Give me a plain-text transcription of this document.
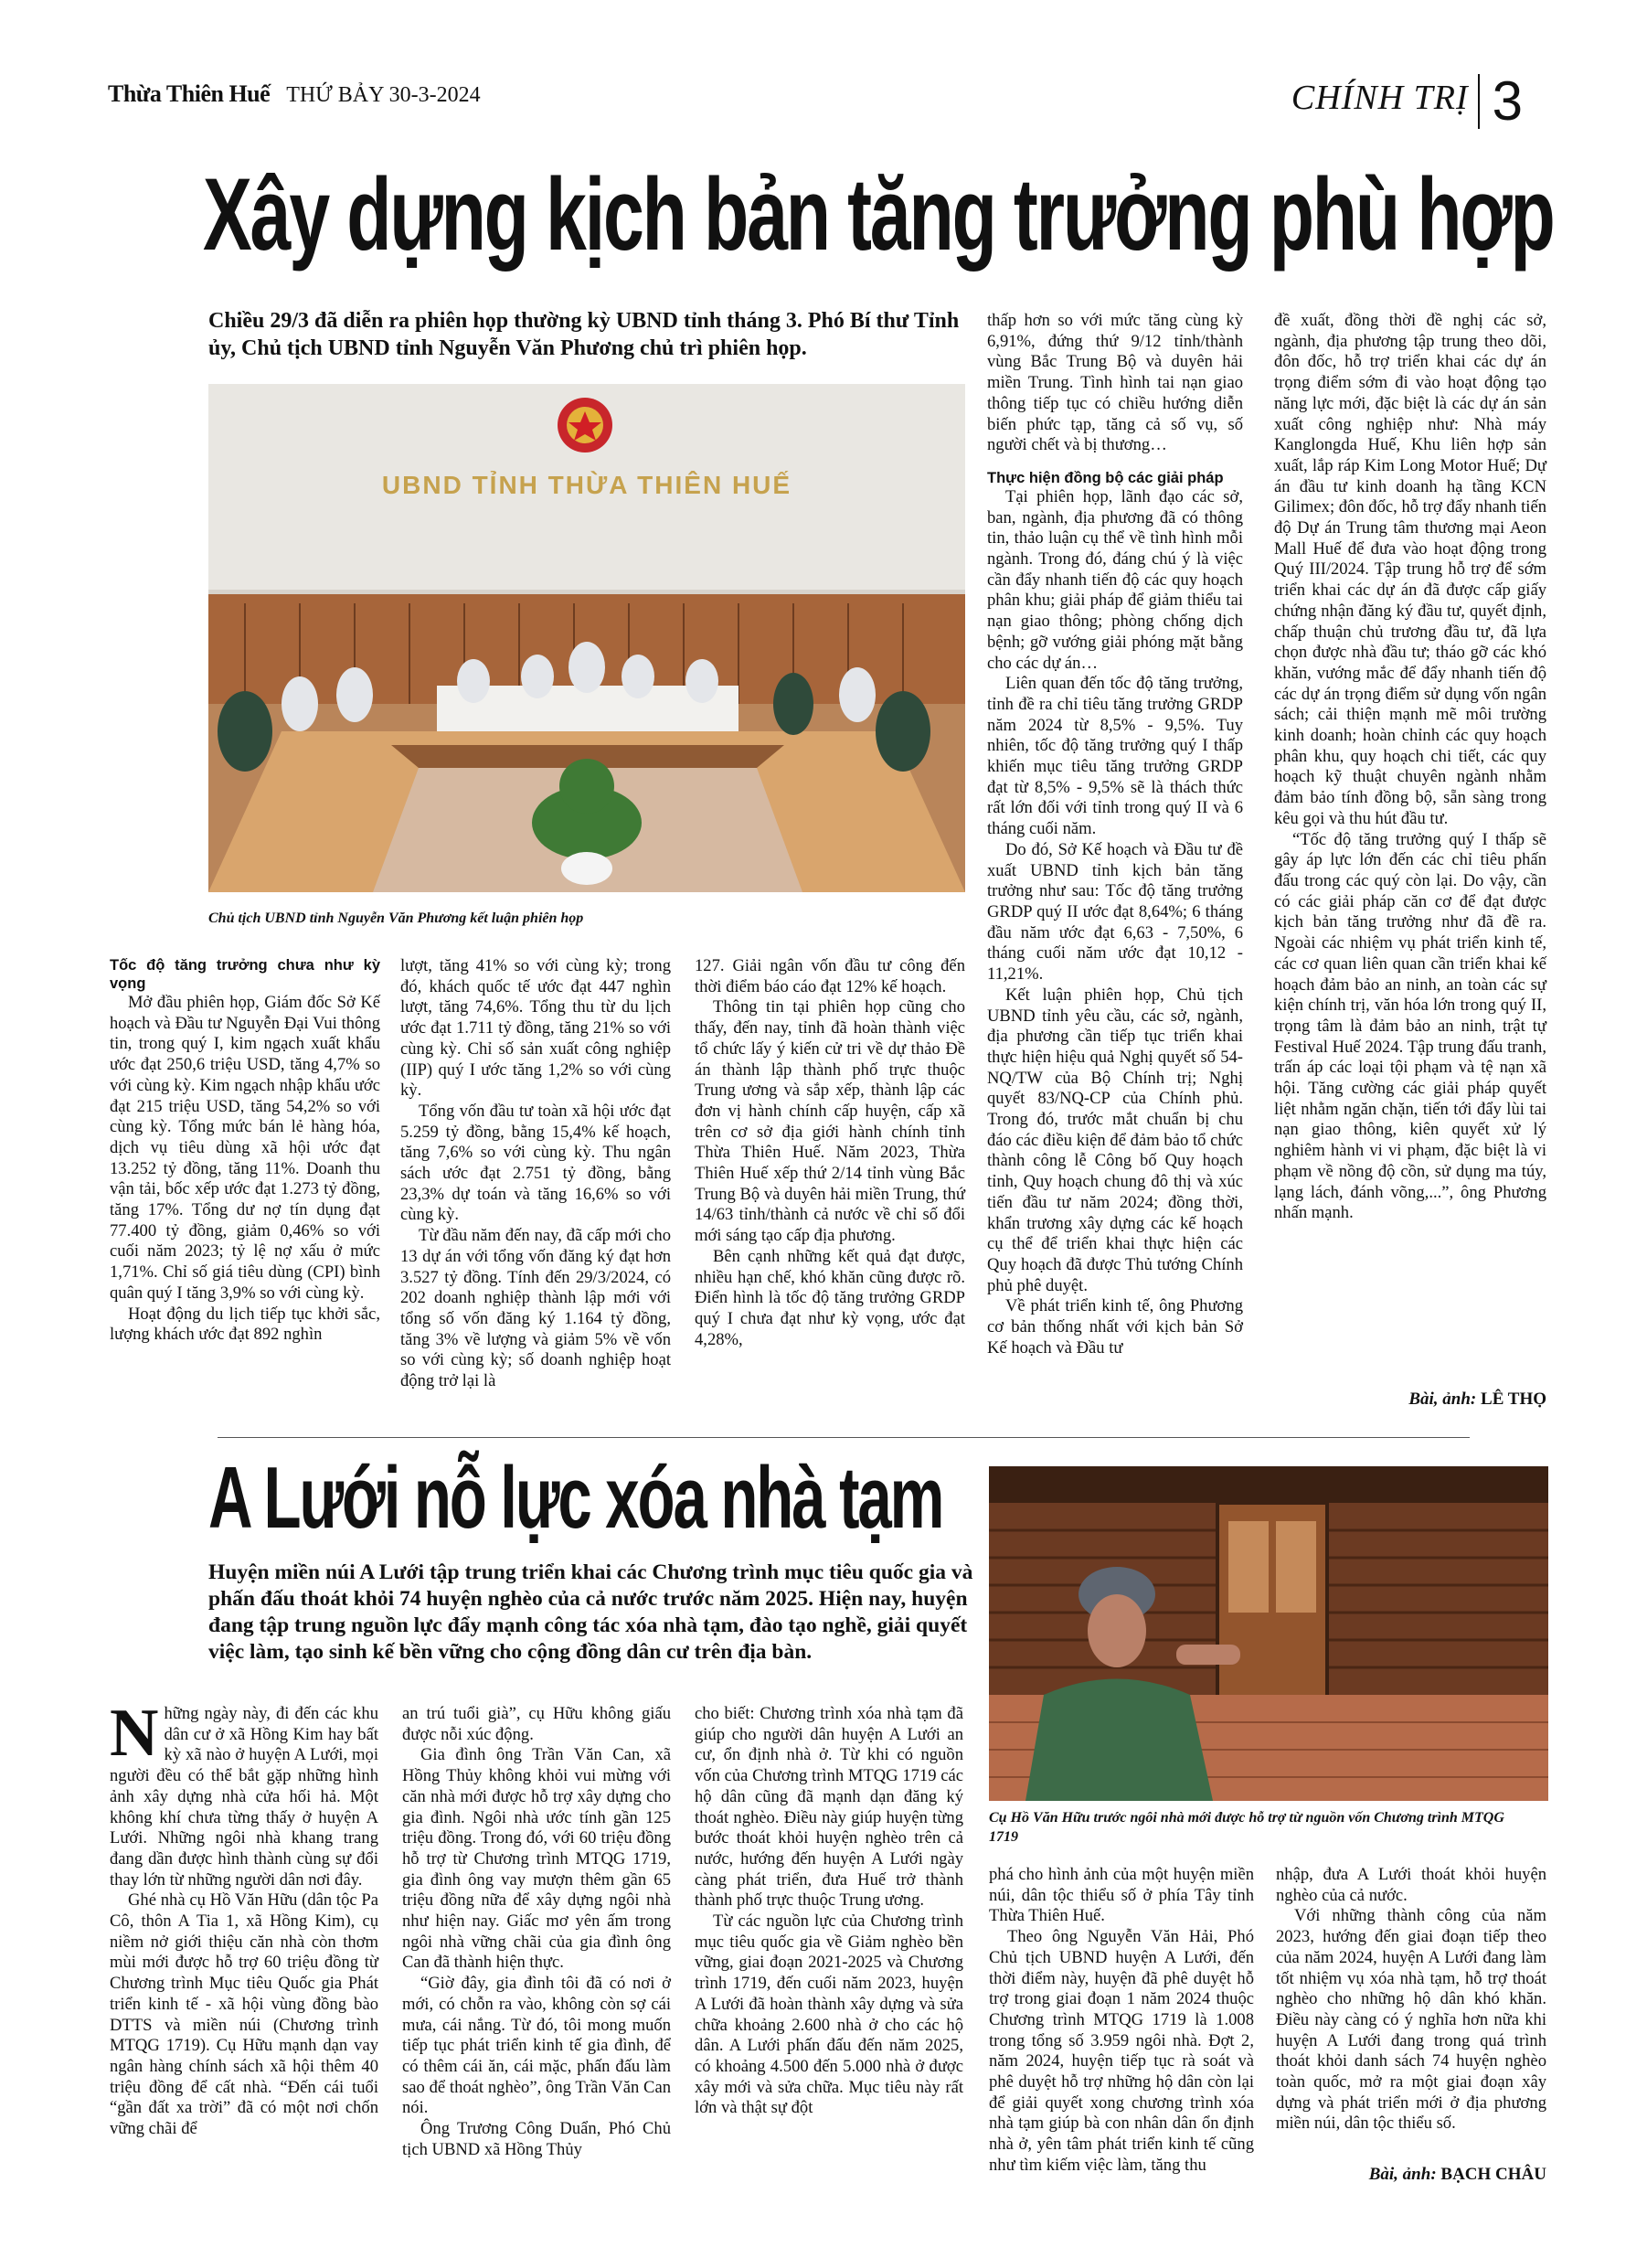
Thừa Thiên Huế THỨ BẢY 30-3-2024	CHÍNH TRỊ 3
Xây dựng kịch bản tăng trưởng phù hợp
Chiều 29/3 đã diễn ra phiên họp thường kỳ UBND tỉnh tháng 3. Phó Bí thư Tỉnh ủy, Chủ tịch UBND tỉnh Nguyễn Văn Phương chủ trì phiên họp.
UBND TỈNH THỪA THIÊN HUẾ
Chủ tịch UBND tỉnh Nguyễn Văn Phương kết luận phiên họp

Tốc độ tăng trưởng chưa như kỳ vọng

Mở đầu phiên họp, Giám đốc Sở Kế hoạch và Đầu tư Nguyễn Đại Vui thông tin, trong quý I, kim ngạch xuất khẩu ước đạt 250,6 triệu USD, tăng 4,7% so với cùng kỳ. Kim ngạch nhập khẩu ước đạt 215 triệu USD, tăng 54,2% so với cùng kỳ. Tổng mức bán lẻ hàng hóa, dịch vụ tiêu dùng xã hội ước đạt 13.252 tỷ đồng, tăng 11%. Doanh thu vận tải, bốc xếp ước đạt 1.273 tỷ đồng, tăng 17%. Tổng dư nợ tín dụng đạt 77.400 tỷ đồng, giảm 0,46% so với cuối năm 2023; tỷ lệ nợ xấu ở mức 1,71%. Chỉ số giá tiêu dùng (CPI) bình quân quý I tăng 3,9% so với cùng kỳ.

Hoạt động du lịch tiếp tục khởi sắc, lượng khách ước đạt 892 nghìn

lượt, tăng 41% so với cùng kỳ; trong đó, khách quốc tế ước đạt 447 nghìn lượt, tăng 74,6%. Tổng thu từ du lịch ước đạt 1.711 tỷ đồng, tăng 21% so với cùng kỳ. Chỉ số sản xuất công nghiệp (IIP) quý I ước tăng 1,2% so với cùng kỳ.

Tổng vốn đầu tư toàn xã hội ước đạt 5.259 tỷ đồng, bằng 15,4% kế hoạch, tăng 7,6% so với cùng kỳ. Thu ngân sách ước đạt 2.751 tỷ đồng, bằng 23,3% dự toán và tăng 16,6% so với cùng kỳ.

Từ đầu năm đến nay, đã cấp mới cho 13 dự án với tổng vốn đăng ký đạt hơn 3.527 tỷ đồng. Tính đến 29/3/2024, có 202 doanh nghiệp thành lập mới với tổng số vốn đăng ký 1.164 tỷ đồng, tăng 3% về lượng và giảm 5% về vốn so với cùng kỳ; số doanh nghiệp hoạt động trở lại là

127. Giải ngân vốn đầu tư công đến thời điểm báo cáo đạt 12% kế hoạch.

Thông tin tại phiên họp cũng cho thấy, đến nay, tỉnh đã hoàn thành việc tổ chức lấy ý kiến cử tri về dự thảo Đề án thành lập thành phố trực thuộc Trung ương và sắp xếp, thành lập các đơn vị hành chính cấp huyện, cấp xã trên cơ sở địa giới hành chính tỉnh Thừa Thiên Huế. Năm 2023, Thừa Thiên Huế xếp thứ 2/14 tỉnh vùng Bắc Trung Bộ và duyên hải miền Trung, thứ 14/63 tỉnh/thành cả nước về chỉ số đổi mới sáng tạo cấp địa phương.

Bên cạnh những kết quả đạt được, nhiều hạn chế, khó khăn cũng được rõ. Điển hình là tốc độ tăng trưởng GRDP quý I chưa đạt như kỳ vọng, ước đạt 4,28%,

thấp hơn so với mức tăng cùng kỳ 6,91%, đứng thứ 9/12 tỉnh/thành vùng Bắc Trung Bộ và duyên hải miền Trung. Tình hình tai nạn giao thông tiếp tục có chiều hướng diễn biến phức tạp, tăng cả số vụ, số người chết và bị thương…

Thực hiện đồng bộ các giải pháp

Tại phiên họp, lãnh đạo các sở, ban, ngành, địa phương đã có thông tin, thảo luận cụ thể về tình hình mỗi ngành. Trong đó, đáng chú ý là việc cần đẩy nhanh tiến độ các quy hoạch phân khu; giải pháp để giảm thiểu tai nạn giao thông; phòng chống dịch bệnh; gỡ vướng giải phóng mặt bằng cho các dự án…

Liên quan đến tốc độ tăng trưởng, tỉnh đề ra chỉ tiêu tăng trưởng GRDP năm 2024 từ 8,5% - 9,5%. Tuy nhiên, tốc độ tăng trưởng quý I thấp khiến mục tiêu tăng trưởng GRDP đạt từ 8,5% - 9,5% sẽ là thách thức rất lớn đối với tỉnh trong quý II và 6 tháng cuối năm.

Do đó, Sở Kế hoạch và Đầu tư đề xuất UBND tỉnh kịch bản tăng trưởng như sau: Tốc độ tăng trưởng GRDP quý II ước đạt 8,64%; 6 tháng đầu năm ước đạt 6,63 - 7,50%, 6 tháng cuối năm ước đạt 10,12 - 11,21%.

Kết luận phiên họp, Chủ tịch UBND tỉnh yêu cầu, các sở, ngành, địa phương cần tiếp tục triển khai thực hiện hiệu quả Nghị quyết số 54-NQ/TW của Bộ Chính trị; Nghị quyết 83/NQ-CP của Chính phủ. Trong đó, trước mắt chuẩn bị chu đáo các điều kiện để đảm bảo tổ chức thành công lễ Công bố Quy hoạch tỉnh, Quy hoạch chung đô thị và xúc tiến đầu tư năm 2024; đồng thời, khẩn trương xây dựng các kế hoạch cụ thể để triển khai thực hiện các Quy hoạch đã được Thủ tướng Chính phủ phê duyệt.

Về phát triển kinh tế, ông Phương cơ bản thống nhất với kịch bản Sở Kế hoạch và Đầu tư

đề xuất, đồng thời đề nghị các sở, ngành, địa phương tập trung theo dõi, đôn đốc, hỗ trợ triển khai các dự án trọng điểm sớm đi vào hoạt động tạo năng lực mới, đặc biệt là các dự án sản xuất công nghiệp như: Nhà máy Kanglongda Huế, Khu liên hợp sản xuất, lắp ráp Kim Long Motor Huế; Dự án đầu tư kinh doanh hạ tầng KCN Gilimex; đôn đốc, hỗ trợ đẩy nhanh tiến độ Dự án Trung tâm thương mại Aeon Mall Huế để đưa vào hoạt động trong Quý III/2024. Tập trung hỗ trợ để sớm triển khai các dự án đã được cấp giấy chứng nhận đăng ký đầu tư, quyết định, chấp thuận chủ trương đầu tư, đã lựa chọn được nhà đầu tư; tháo gỡ các khó khăn, vướng mắc để đẩy nhanh tiến độ các dự án trọng điểm sử dụng vốn ngân sách; cải thiện mạnh mẽ môi trường kinh doanh; hoàn chỉnh các quy hoạch phân khu, quy hoạch chi tiết, các quy hoạch kỹ thuật chuyên ngành nhằm đảm bảo tính đồng bộ, sẵn sàng trong kêu gọi và thu hút đầu tư.

“Tốc độ tăng trưởng quý I thấp sẽ gây áp lực lớn đến các chỉ tiêu phấn đấu trong các quý còn lại. Do vậy, cần có các giải pháp căn cơ để đạt được kịch bản tăng trưởng như đã đề ra. Ngoài các nhiệm vụ phát triển kinh tế, các cơ quan liên quan cần triển khai kế hoạch đảm bảo an ninh, an toàn các sự kiện chính trị, văn hóa lớn trong quý II, trọng tâm là đảm bảo an ninh, trật tự Festival Huế 2024. Tập trung đấu tranh, trấn áp các loại tội phạm và tệ nạn xã hội. Tăng cường các giải pháp quyết liệt nhằm ngăn chặn, tiến tới đẩy lùi tai nạn giao thông, kiên quyết xử lý nghiêm hành vi vi phạm, đặc biệt là vi phạm về nồng độ cồn, sử dụng ma túy, lạng lách, đánh võng,...”, ông Phương nhấn mạnh.

Bài, ảnh: LÊ THỌ
A Lưới nỗ lực xóa nhà tạm
Huyện miền núi A Lưới tập trung triển khai các Chương trình mục tiêu quốc gia và phấn đấu thoát khỏi 74 huyện nghèo của cả nước trước năm 2025. Hiện nay, huyện đang tập trung nguồn lực đẩy mạnh công tác xóa nhà tạm, đào tạo nghề, giải quyết việc làm, tạo sinh kế bền vững cho cộng đồng dân cư trên địa bàn.
Cụ Hồ Văn Hữu trước ngôi nhà mới được hỗ trợ từ nguồn vốn Chương trình MTQG 1719

Những ngày này, đi đến các khu dân cư ở xã Hồng Kim hay bất kỳ xã nào ở huyện A Lưới, mọi người đều có thể bắt gặp những hình ảnh xây dựng nhà cửa hối hả. Một không khí chưa từng thấy ở huyện A Lưới. Những ngôi nhà khang trang đang dần được hình thành cùng sự đổi thay lớn từ những người dân nơi đây.

Ghé nhà cụ Hồ Văn Hữu (dân tộc Pa Cô, thôn A Tia 1, xã Hồng Kim), cụ niềm nở giới thiệu căn nhà còn thơm mùi mới được hỗ trợ 60 triệu đồng từ Chương trình Mục tiêu Quốc gia Phát triển kinh tế - xã hội vùng đồng bào DTTS và miền núi (Chương trình MTQG 1719). Cụ Hữu mạnh dạn vay ngân hàng chính sách xã hội thêm 40 triệu đồng để cất nhà. “Đến cái tuổi “gần đất xa trời” đã có một nơi chốn vững chãi để

an trú tuổi già”, cụ Hữu không giấu được nỗi xúc động.

Gia đình ông Trần Văn Can, xã Hồng Thủy không khỏi vui mừng với căn nhà mới được hỗ trợ xây dựng cho gia đình. Ngôi nhà ước tính gần 125 triệu đồng. Trong đó, với 60 triệu đồng hỗ trợ từ Chương trình MTQG 1719, gia đình ông vay mượn thêm gần 65 triệu đồng nữa để xây dựng ngôi nhà như hiện nay. Giấc mơ yên ấm trong ngôi nhà vững chãi của gia đình ông Can đã thành hiện thực.

“Giờ đây, gia đình tôi đã có nơi ở mới, có chỗn ra vào, không còn sợ cái mưa, cái nắng. Từ đó, tôi mong muốn tiếp tục phát triển kinh tế gia đình, để có thêm cái ăn, cái mặc, phấn đấu làm sao để thoát nghèo”, ông Trần Văn Can nói.

Ông Trương Công Duẩn, Phó Chủ tịch UBND xã Hồng Thủy

cho biết: Chương trình xóa nhà tạm đã giúp cho người dân huyện A Lưới an cư, ổn định nhà ở. Từ khi có nguồn vốn của Chương trình MTQG 1719 các hộ dân cũng đã mạnh dạn đăng ký thoát nghèo. Điều này giúp huyện từng bước thoát khỏi huyện nghèo trên cả nước, hướng đến huyện A Lưới ngày càng phát triển, đưa Huế trở thành thành phố trực thuộc Trung ương.

Từ các nguồn lực của Chương trình mục tiêu quốc gia về Giảm nghèo bền vững, giai đoạn 2021-2025 và Chương trình 1719, đến cuối năm 2023, huyện A Lưới đã hoàn thành xây dựng và sửa chữa khoảng 2.600 nhà ở cho các hộ dân. A Lưới phấn đấu đến năm 2025, có khoảng 4.500 đến 5.000 nhà ở được xây mới và sửa chữa. Mục tiêu này rất lớn và thật sự đột

phá cho hình ảnh của một huyện miền núi, dân tộc thiểu số ở phía Tây tỉnh Thừa Thiên Huế.

Theo ông Nguyễn Văn Hải, Phó Chủ tịch UBND huyện A Lưới, đến thời điểm này, huyện đã phê duyệt hỗ trợ trong giai đoạn 1 năm 2024 thuộc Chương trình MTQG 1719 là 1.008 trong tổng số 3.959 ngôi nhà. Đợt 2, năm 2024, huyện tiếp tục rà soát và phê duyệt hỗ trợ những hộ dân còn lại để giải quyết xong chương trình xóa nhà tạm giúp bà con nhân dân ổn định nhà ở, yên tâm phát triển kinh tế cũng như tìm kiếm việc làm, tăng thu

nhập, đưa A Lưới thoát khỏi huyện nghèo của cả nước.

Với những thành công của năm 2023, hướng đến giai đoạn tiếp theo của năm 2024, huyện A Lưới đang làm tốt nhiệm vụ xóa nhà tạm, hỗ trợ thoát nghèo cho những hộ dân khó khăn. Điều này càng có ý nghĩa hơn nữa khi huyện A Lưới đang trong quá trình thoát khỏi danh sách 74 huyện nghèo toàn quốc, mở ra một giai đoạn xây dựng và phát triển mới ở địa phương miền núi, dân tộc thiểu số.

Bài, ảnh: BẠCH CHÂU
